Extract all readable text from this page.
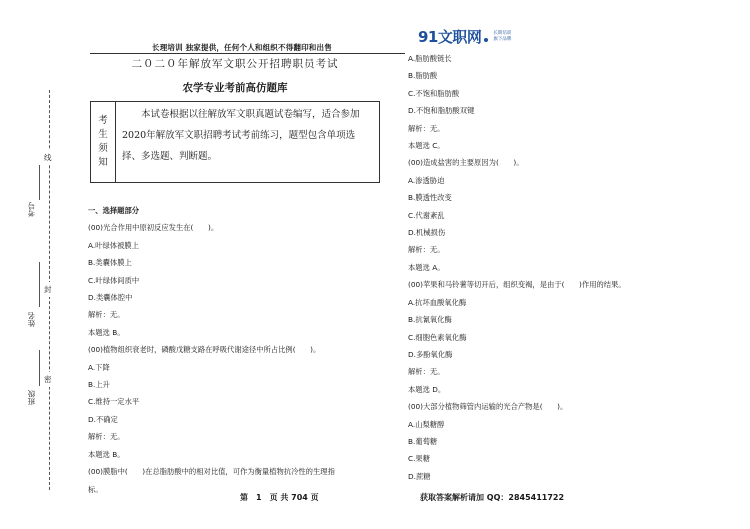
长理培训 独家提供，任何个人和组织不得翻印和出售
91文职网	长期培训
旗下品牌
线
封
密
考号
姓名
班级
二０二０年解放军文职公开招聘职员考试
农学专业考前高仿题库
考
生
须
知
本试卷根据以往解放军文职真题试卷编写，适合参加2020年解放军文职招聘考试考前练习，题型包含单项选择、多选题、判断题。
一、选择题部分
(00)光合作用中原初反应发生在(　　)。
A.叶绿体被膜上
B.类囊体膜上
C.叶绿体间质中
D.类囊体腔中
解析：无。
本题选 B。
(00)植物组织衰老时，磷酸戊糖支路在呼吸代谢途径中所占比例(　　)。
A.下降
B.上升
C.维持一定水平
D.不确定
解析：无。
本题选 B。
(00)膜脂中(　　)在总脂肪酸中的相对比值，可作为衡量植物抗冷性的生理指
标。
A.脂肪酸链长
B.脂肪酸
C.不饱和脂肪酸
D.不饱和脂肪酸双键
解析：无。
本题选 C。
(00)造成盐害的主要原因为(　　)。
A.渗透胁迫
B.膜透性改变
C.代谢紊乱
D.机械损伤
解析：无。
本题选 A。
(00)苹果和马铃薯等切开后，组织变褐，是由于(　　)作用的结果。
A.抗坏血酸氧化酶
B.抗氰氧化酶
C.细胞色素氧化酶
D.多酚氧化酶
解析：无。
本题选 D。
(00)大部分植物筛管内运输的光合产物是(　　)。
A.山梨糖醇
B.葡萄糖
C.果糖
D.蔗糖
第　1　页 共 704 页	获取答案解析请加 QQ：2845411722
